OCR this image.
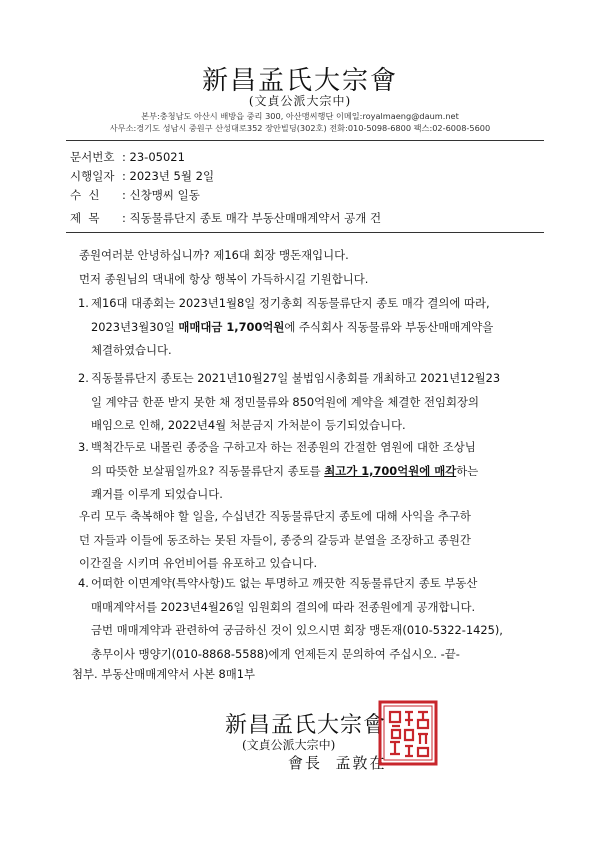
新昌孟氏大宗會
(文貞公派大宗中)
본부:충청남도 아산시 배방읍 중리 300, 아산맹씨행단 이메일:royalmaeng@daum.net
사무소:경기도 성남시 중원구 산성대로352 장안빌딩(302호) 전화:010-5098-6800 팩스:02-6008-5600
문서번호 : 23-05021
시행일자 : 2023년 5월 2일
수  신 : 신창맹씨 일동
제  목 : 직동물류단지 종토 매각 부동산매매계약서 공개 건
종원여러분 안녕하십니까? 제16대 회장 맹돈재입니다.
먼저 종원님의 댁내에 항상 행복이 가득하시길 기원합니다.
1. 제16대 대종회는 2023년1월8일 정기총회 직동물류단지 종토 매각 결의에 따라,
2023년3월30일 매매대금 1,700억원에 주식회사 직동물류와 부동산매매계약을
체결하였습니다.
2. 직동물류단지 종토는 2021년10월27일 불법임시총회를 개최하고 2021년12월23
일 계약금 한푼 받지 못한 채 정민물류와 850억원에 계약을 체결한 전임회장의
배임으로 인해, 2022년4월 처분금지 가처분이 등기되었습니다.
3. 백척간두로 내몰린 종중을 구하고자 하는 전종원의 간절한 염원에 대한 조상님
의 따뜻한 보살핌일까요? 직동물류단지 종토를 최고가 1,700억원에 매각하는
쾌거를 이루게 되었습니다.
우리 모두 축복해야 할 일을, 수십년간 직동물류단지 종토에 대해 사익을 추구하
던 자들과 이들에 동조하는 못된 자들이, 종중의 갈등과 분열을 조장하고 종원간
이간질을 시키며 유언비어를 유포하고 있습니다.
4. 어떠한 이면계약(특약사항)도 없는 투명하고 깨끗한 직동물류단지 종토 부동산
매매계약서를 2023년4월26일 임원회의 결의에 따라 전종원에게 공개합니다.
금번 매매계약과 관련하여 궁금하신 것이 있으시면 회장 맹돈재(010-5322-1425),
총무이사 맹양기(010-8868-5588)에게 언제든지 문의하여 주십시오. -끝-
첨부. 부동산매매계약서 사본 8매1부
新昌孟氏大宗會
(文貞公派大宗中)
會長  孟敦在
